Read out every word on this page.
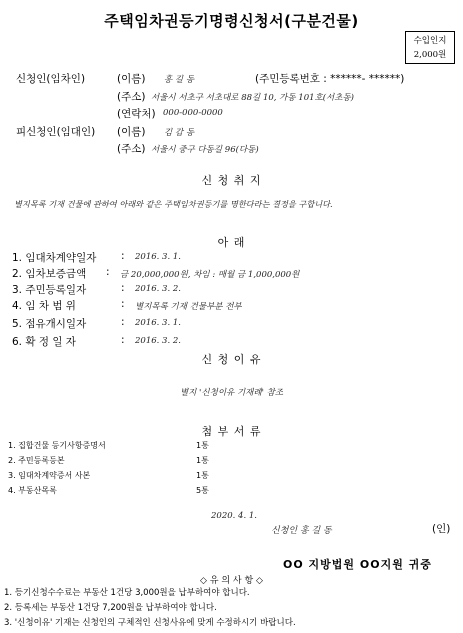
주택임차권등기명령신청서(구분건물)
수입인지
2,000원
신청인(임차인)	(이름) 홍 길 동	(주민등록번호 : ******- ******)
(주소) 서울시 서초구 서초대로 88길 10, 가동 101호(서초동)
(연락처) 000-000-0000
피신청인(임대인) (이름) 김 갑 동
(주소) 서울시 중구 다동길 96(다동)
신 청 취 지
별지목록 기재 건물에 관하여 아래와 같은 주택임차권등기를 명한다라는 결정을 구합니다.
아 래
1. 임대차계약일자 : 2016. 3. 1.
2. 임차보증금액 : 금 20,000,000원, 차임 : 매월 금 1,000,000원
3. 주민등록일자	: 2016. 3. 2.
4. 임 차 범 위	: 별지목록 기재 건물부분 전부
5. 점유개시일자	: 2016. 3. 1.
6. 확 정 일 자	: 2016. 3. 2.
신 청 이 유
별지 '신청이유 기재례' 참조
첨 부 서 류
1. 집합건물 등기사항증명서	1통
2. 주민등록등본	1통
3. 임대차계약증서 사본	1통
4. 부동산목록	5통
2020. 4. 1.
신청인 홍 길 동	(인)
OO 지방법원 OO지원 귀중
◇ 유 의 사 항 ◇
1. 등기신청수수료는 부동산 1건당 3,000원을 납부하여야 합니다.
2. 등록세는 부동산 1건당 7,200원을 납부하여야 합니다.
3. '신청이유' 기재는 신청인의 구체적인 신청사유에 맞게 수정하시기 바랍니다.
